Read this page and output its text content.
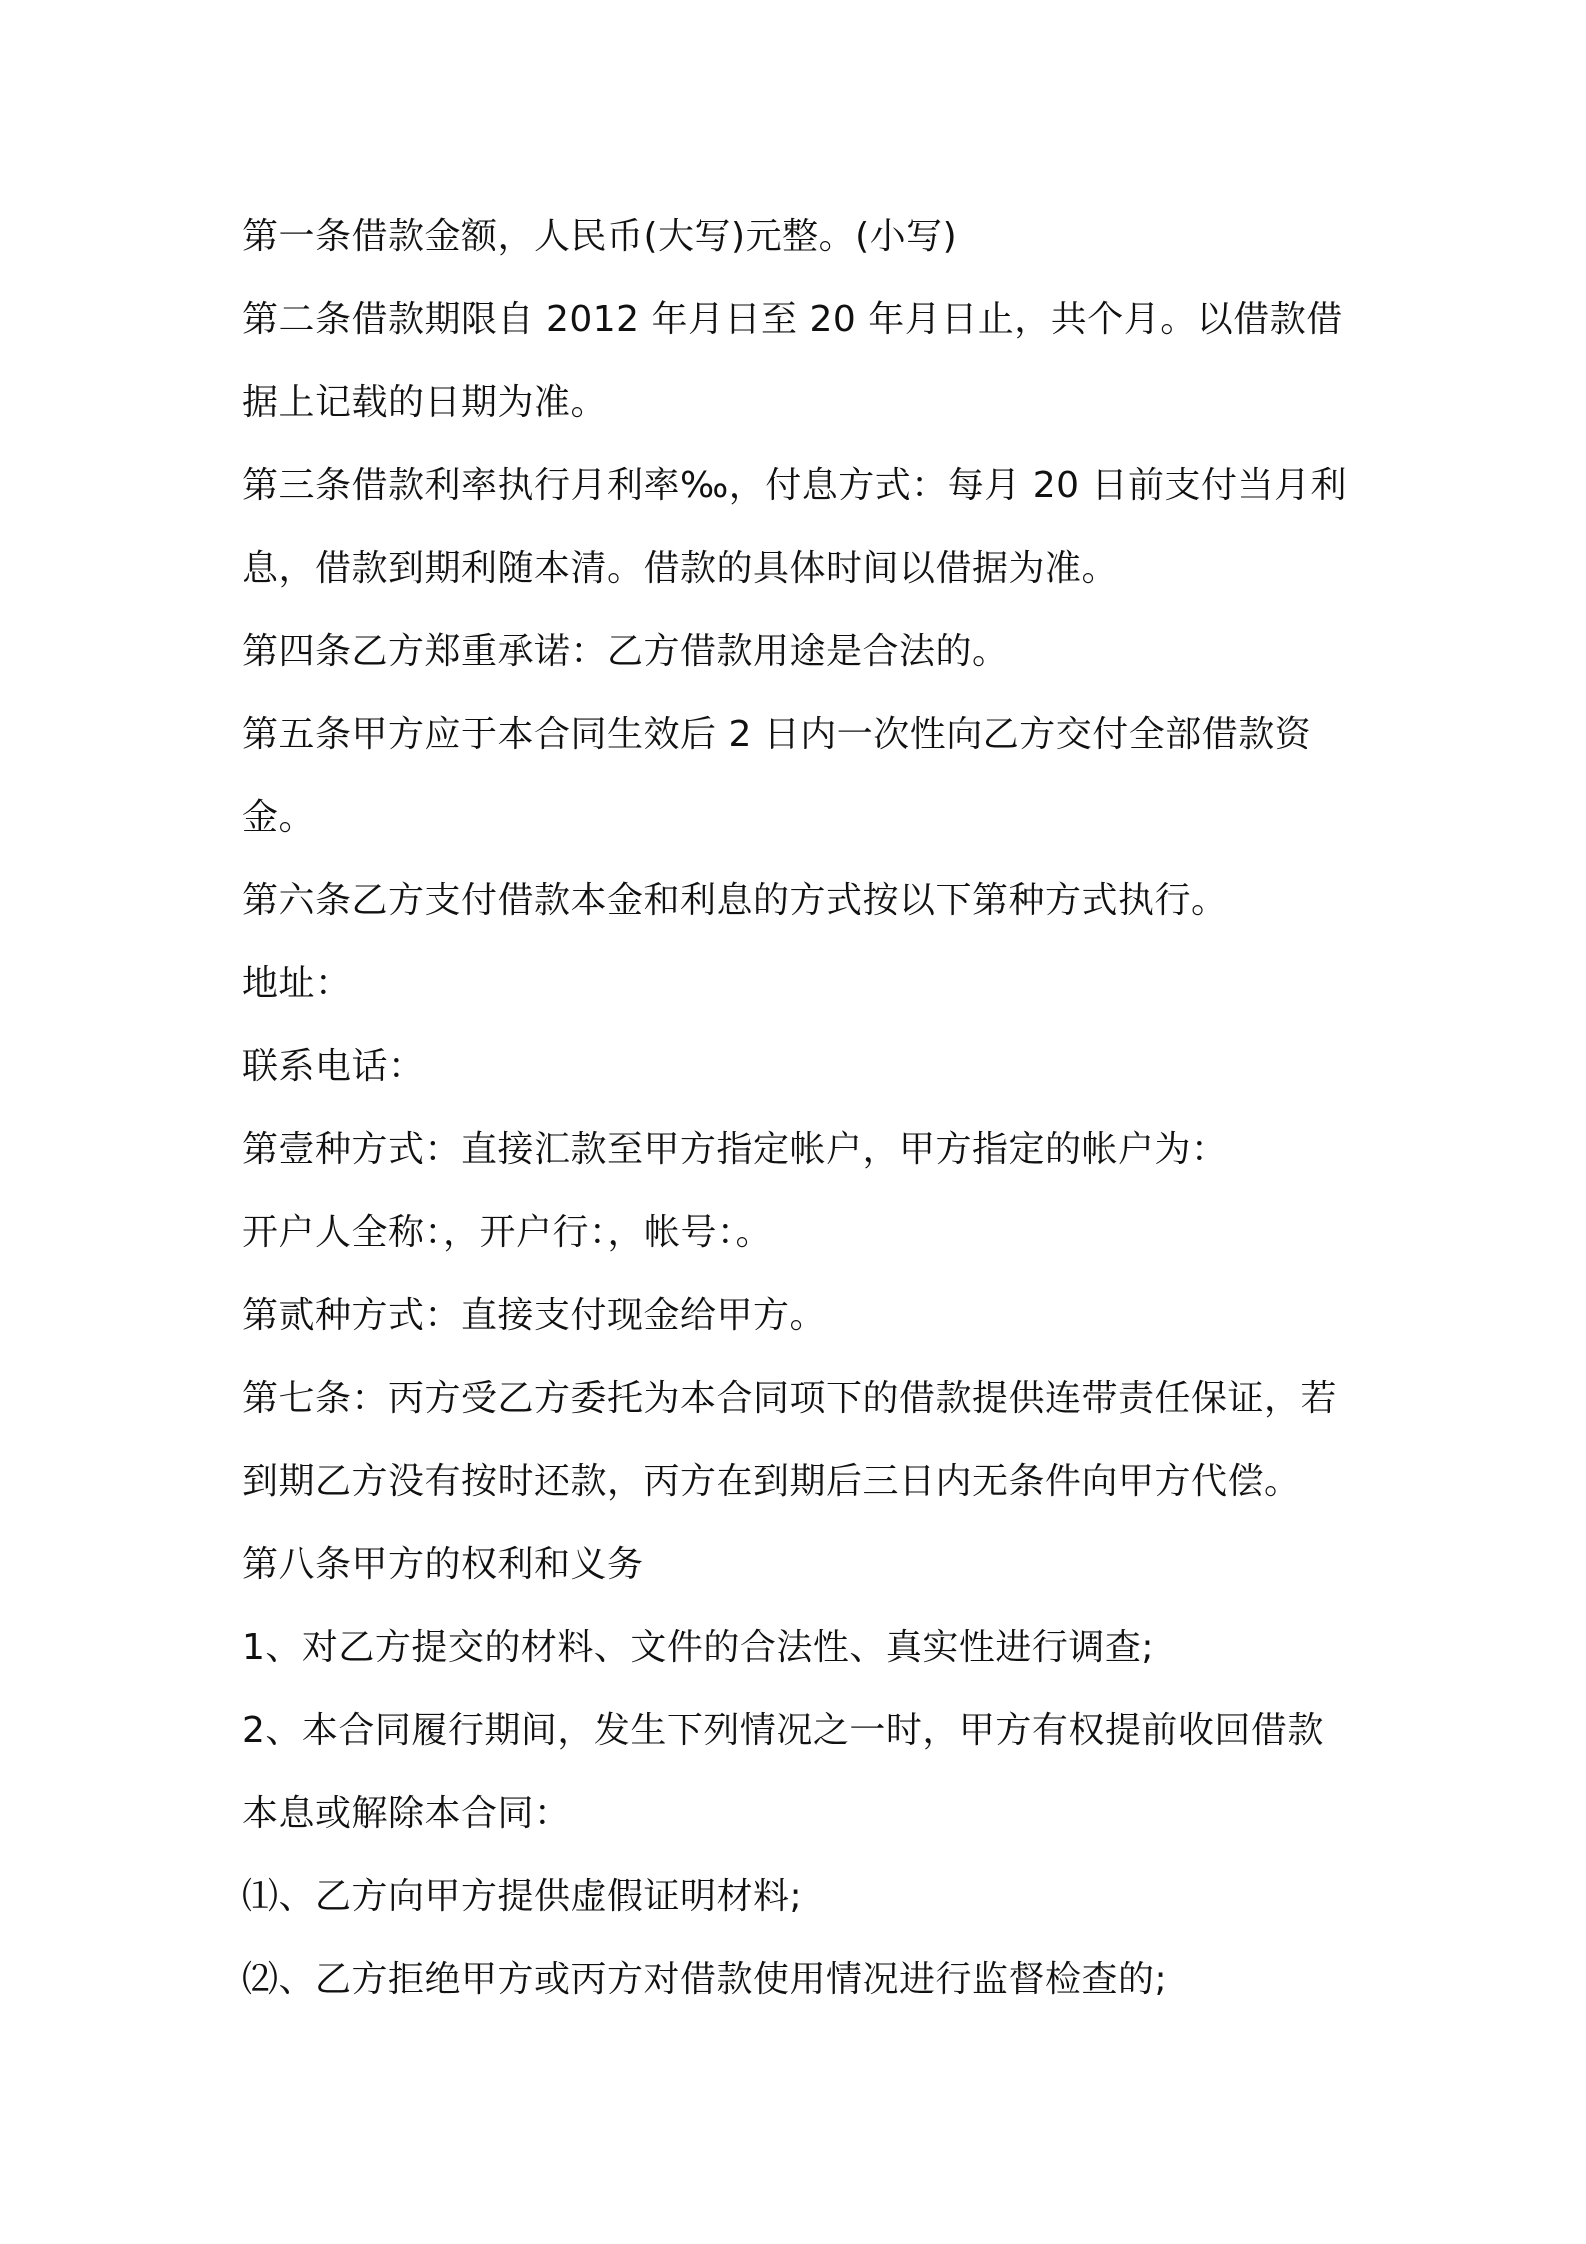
第一条借款金额，人民币(大写)元整。(小写)
第二条借款期限自 2012 年月日至 20 年月日止，共个月。以借款借
据上记载的日期为准。
第三条借款利率执行月利率‰，付息方式：每月 20 日前支付当月利
息，借款到期利随本清。借款的具体时间以借据为准。
第四条乙方郑重承诺：乙方借款用途是合法的。
第五条甲方应于本合同生效后 2 日内一次性向乙方交付全部借款资
金。
第六条乙方支付借款本金和利息的方式按以下第种方式执行。
地址：
联系电话：
第壹种方式：直接汇款至甲方指定帐户，甲方指定的帐户为：
开户人全称：，开户行：，帐号：。
第贰种方式：直接支付现金给甲方。
第七条：丙方受乙方委托为本合同项下的借款提供连带责任保证，若
到期乙方没有按时还款，丙方在到期后三日内无条件向甲方代偿。
第八条甲方的权利和义务
1、对乙方提交的材料、文件的合法性、真实性进行调查;
2、本合同履行期间，发生下列情况之一时，甲方有权提前收回借款
本息或解除本合同：
⑴、乙方向甲方提供虚假证明材料;
⑵、乙方拒绝甲方或丙方对借款使用情况进行监督检查的;
